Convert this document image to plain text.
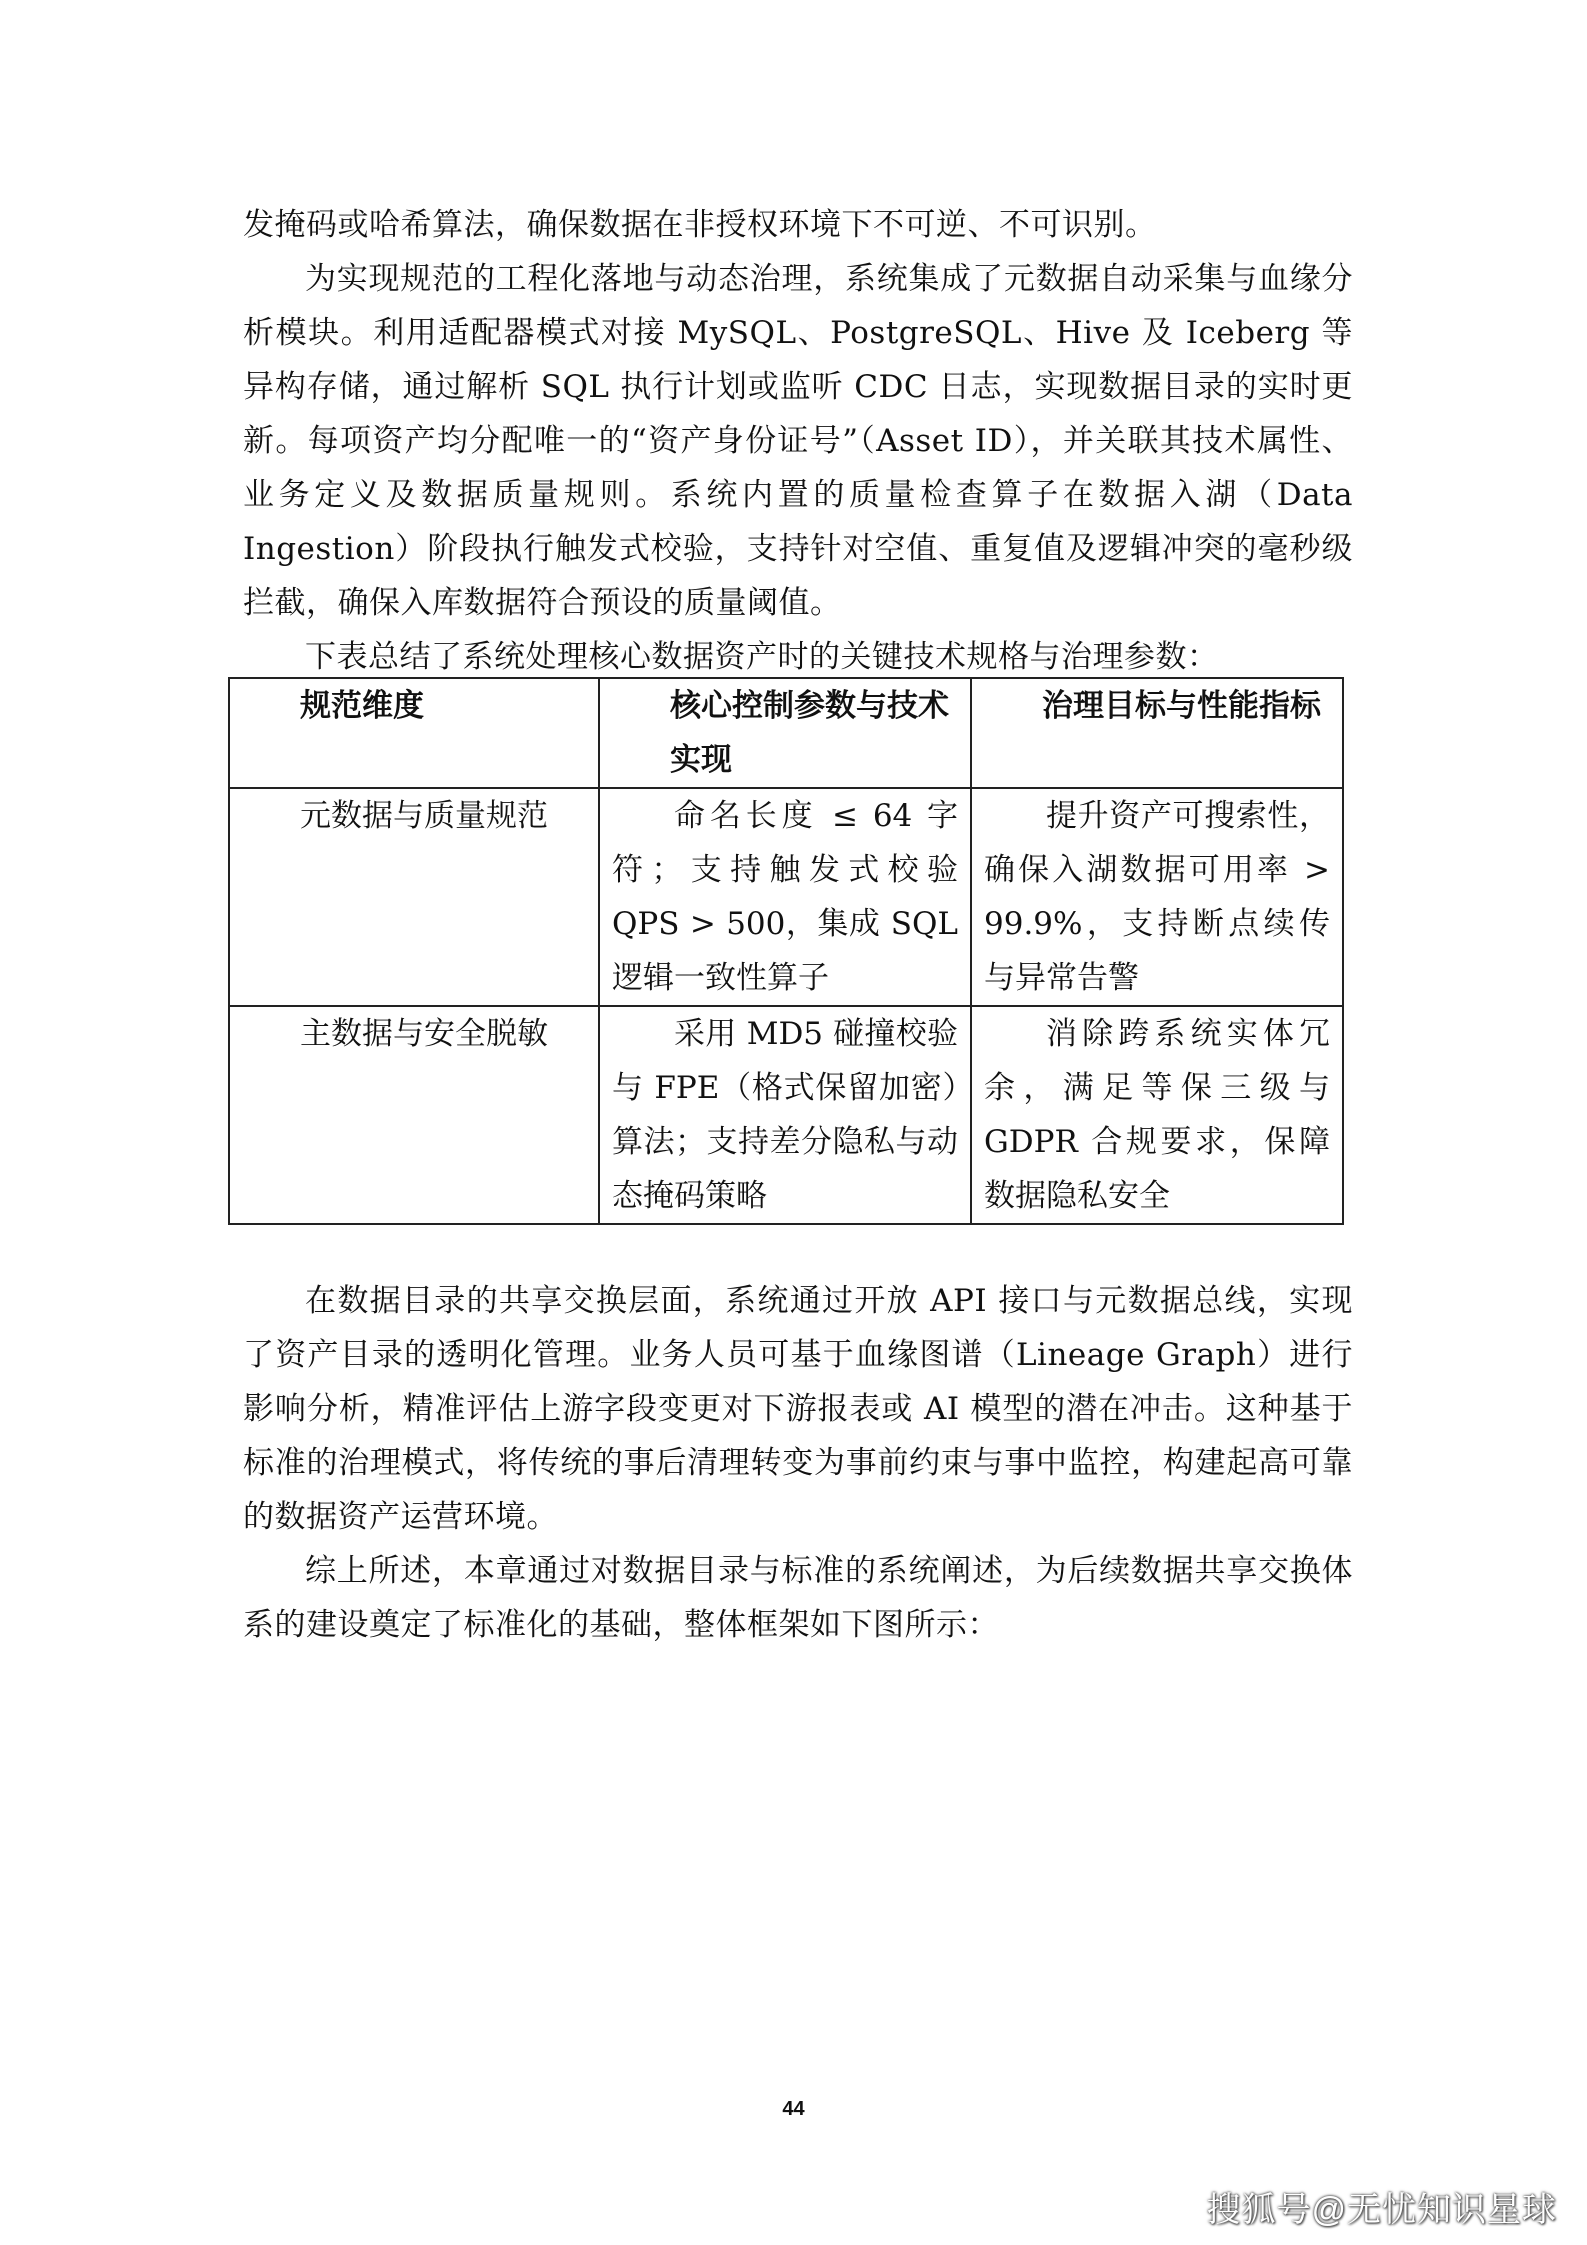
发掩码或哈希算法，确保数据在非授权环境下不可逆、不可识别。

为实现规范的工程化落地与动态治理，系统集成了元数据自动采集与血缘分析模块。利用适配器模式对接 MySQL、PostgreSQL、Hive 及 Iceberg 等异构存储，通过解析 SQL 执行计划或监听 CDC 日志，实现数据目录的实时更新。每项资产均分配唯一的“资产身份证号”（Asset ID），并关联其技术属性、业务定义及数据质量规则。系统内置的质量检查算子在数据入湖（Data Ingestion）阶段执行触发式校验，支持针对空值、重复值及逻辑冲突的毫秒级拦截，确保入库数据符合预设的质量阈值。

下表总结了系统处理核心数据资产时的关键技术规格与治理参数：

规范维度	核心控制参数与技术实现	治理目标与性能指标

元数据与质量规范	命名长度 ≤ 64 字符；支持触发式校验 QPS > 500，集成 SQL 逻辑一致性算子	提升资产可搜索性，确保入湖数据可用率 > 99.9%，支持断点续传与异常告警

主数据与安全脱敏	采用 MD5 碰撞校验与 FPE（格式保留加密）算法；支持差分隐私与动态掩码策略	消除跨系统实体冗余，满足等保三级与 GDPR 合规要求，保障数据隐私安全

在数据目录的共享交换层面，系统通过开放 API 接口与元数据总线，实现了资产目录的透明化管理。业务人员可基于血缘图谱（Lineage Graph）进行影响分析，精准评估上游字段变更对下游报表或 AI 模型的潜在冲击。这种基于标准的治理模式，将传统的事后清理转变为事前约束与事中监控，构建起高可靠的数据资产运营环境。

综上所述，本章通过对数据目录与标准的系统阐述，为后续数据共享交换体系的建设奠定了标准化的基础，整体框架如下图所示：

44
搜狐号@无忧知识星球
